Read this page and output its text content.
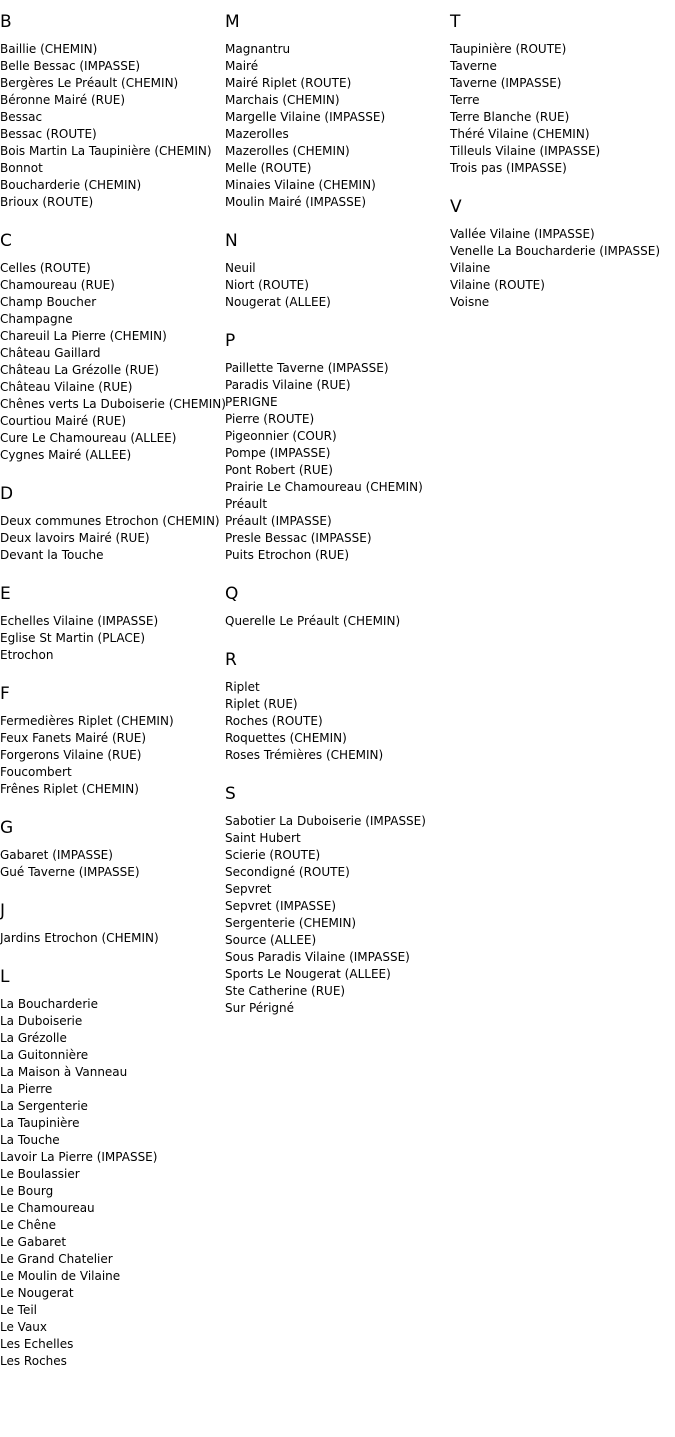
B
Baillie (CHEMIN)
Belle Bessac (IMPASSE)
Bergères Le Préault (CHEMIN)
Béronne Mairé (RUE)
Bessac
Bessac (ROUTE)
Bois Martin La Taupinière (CHEMIN)
Bonnot
Boucharderie (CHEMIN)
Brioux (ROUTE)
C
Celles (ROUTE)
Chamoureau (RUE)
Champ Boucher
Champagne
Chareuil La Pierre (CHEMIN)
Château Gaillard
Château La Grézolle (RUE)
Château Vilaine (RUE)
Chênes verts La Duboiserie (CHEMIN)
Courtiou Mairé (RUE)
Cure Le Chamoureau (ALLEE)
Cygnes Mairé (ALLEE)
D
Deux communes Etrochon (CHEMIN)
Deux lavoirs Mairé (RUE)
Devant la Touche
E
Echelles Vilaine (IMPASSE)
Eglise St Martin (PLACE)
Etrochon
F
Fermedières Riplet (CHEMIN)
Feux Fanets Mairé (RUE)
Forgerons Vilaine (RUE)
Foucombert
Frênes Riplet (CHEMIN)
G
Gabaret (IMPASSE)
Gué Taverne (IMPASSE)
J
Jardins Etrochon (CHEMIN)
L
La Boucharderie
La Duboiserie
La Grézolle
La Guitonnière
La Maison à Vanneau
La Pierre
La Sergenterie
La Taupinière
La Touche
Lavoir La Pierre (IMPASSE)
Le Boulassier
Le Bourg
Le Chamoureau
Le Chêne
Le Gabaret
Le Grand Chatelier
Le Moulin de Vilaine
Le Nougerat
Le Teil
Le Vaux
Les Echelles
Les Roches
M
Magnantru
Mairé
Mairé Riplet (ROUTE)
Marchais (CHEMIN)
Margelle Vilaine (IMPASSE)
Mazerolles
Mazerolles (CHEMIN)
Melle (ROUTE)
Minaies Vilaine (CHEMIN)
Moulin Mairé (IMPASSE)
N
Neuil
Niort (ROUTE)
Nougerat (ALLEE)
P
Paillette Taverne (IMPASSE)
Paradis Vilaine (RUE)
PERIGNE
Pierre (ROUTE)
Pigeonnier (COUR)
Pompe (IMPASSE)
Pont Robert (RUE)
Prairie Le Chamoureau (CHEMIN)
Préault
Préault (IMPASSE)
Presle Bessac (IMPASSE)
Puits Etrochon (RUE)
Q
Querelle Le Préault (CHEMIN)
R
Riplet
Riplet (RUE)
Roches (ROUTE)
Roquettes (CHEMIN)
Roses Trémières (CHEMIN)
S
Sabotier La Duboiserie (IMPASSE)
Saint Hubert
Scierie (ROUTE)
Secondigné (ROUTE)
Sepvret
Sepvret (IMPASSE)
Sergenterie (CHEMIN)
Source (ALLEE)
Sous Paradis Vilaine (IMPASSE)
Sports Le Nougerat (ALLEE)
Ste Catherine (RUE)
Sur Périgné
T
Taupinière (ROUTE)
Taverne
Taverne (IMPASSE)
Terre
Terre Blanche (RUE)
Théré Vilaine (CHEMIN)
Tilleuls Vilaine (IMPASSE)
Trois pas (IMPASSE)
V
Vallée Vilaine (IMPASSE)
Venelle La Boucharderie (IMPASSE)
Vilaine
Vilaine (ROUTE)
Voisne
